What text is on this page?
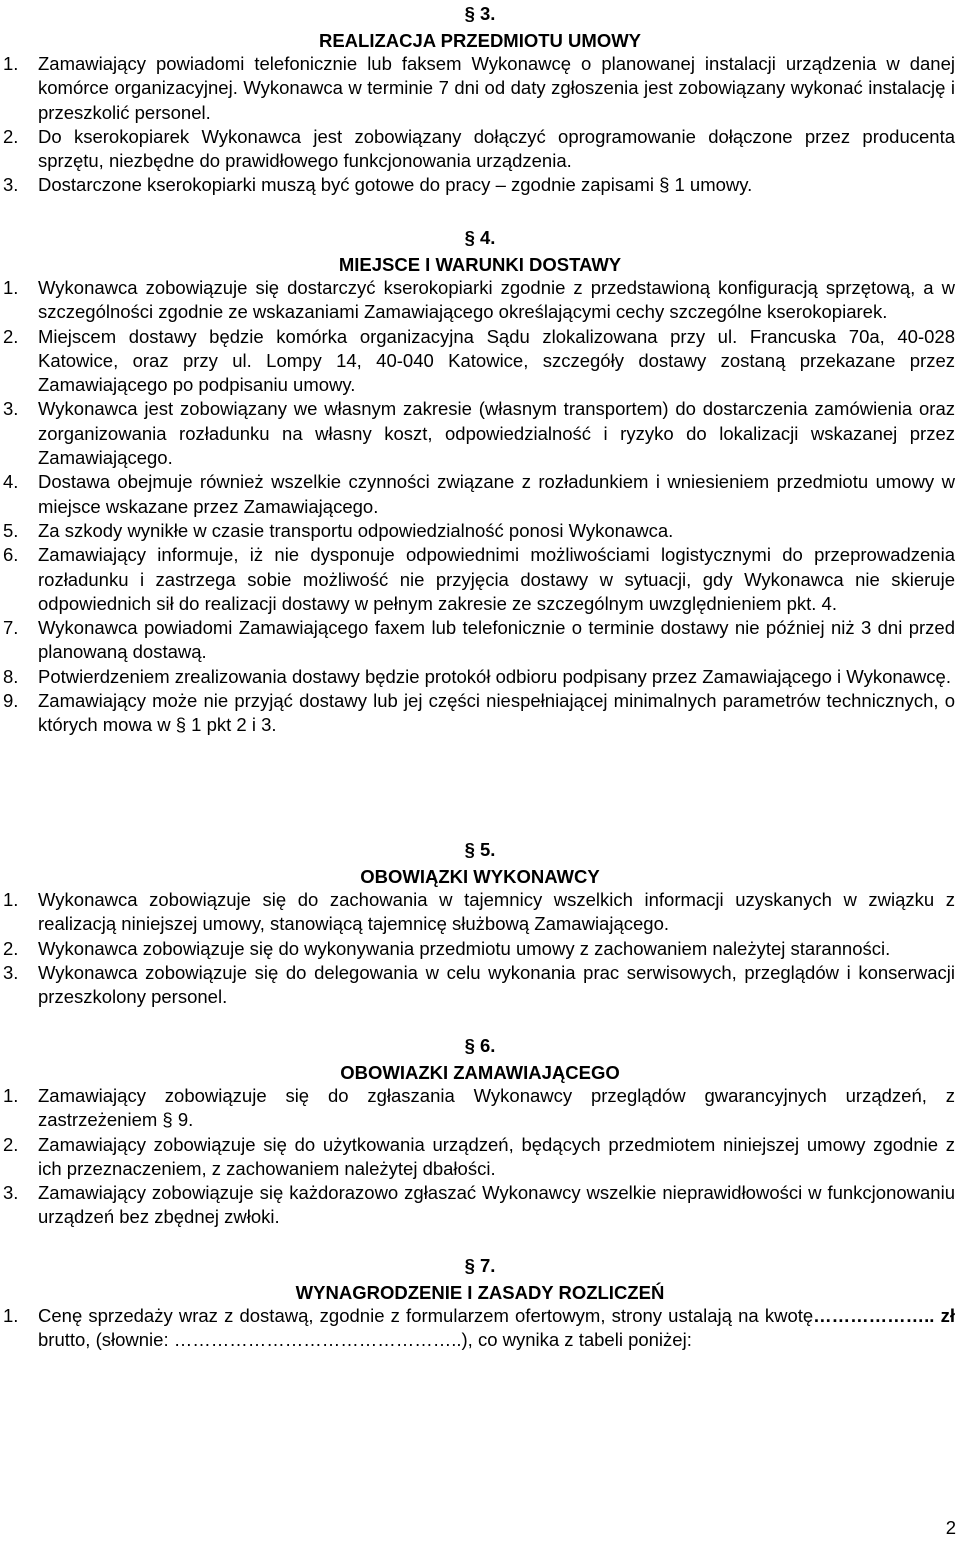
§ 3.

REALIZACJA PRZEDMIOTU UMOWY

1. Zamawiający powiadomi telefonicznie lub faksem Wykonawcę o planowanej instalacji urządzenia w danej komórce organizacyjnej. Wykonawca w terminie 7 dni od daty zgłoszenia jest zobowiązany wykonać instalację i przeszkolić personel.
2. Do kserokopiarek Wykonawca jest zobowiązany dołączyć oprogramowanie dołączone przez producenta sprzętu, niezbędne do prawidłowego funkcjonowania urządzenia.
3. Dostarczone kserokopiarki muszą być gotowe do pracy – zgodnie zapisami § 1 umowy.

§ 4.

MIEJSCE I WARUNKI DOSTAWY

1. Wykonawca zobowiązuje się dostarczyć kserokopiarki zgodnie z przedstawioną konfiguracją sprzętową, a w szczególności zgodnie ze wskazaniami Zamawiającego określającymi cechy szczególne kserokopiarek.
2. Miejscem dostawy będzie komórka organizacyjna Sądu zlokalizowana przy ul. Francuska 70a, 40-028 Katowice, oraz przy ul. Lompy 14, 40-040 Katowice, szczegóły dostawy zostaną przekazane przez Zamawiającego po podpisaniu umowy.
3. Wykonawca jest zobowiązany we własnym zakresie (własnym transportem) do dostarczenia zamówienia oraz zorganizowania rozładunku na własny koszt, odpowiedzialność i ryzyko do lokalizacji wskazanej przez Zamawiającego.
4. Dostawa obejmuje również wszelkie czynności związane z rozładunkiem i wniesieniem przedmiotu umowy w miejsce wskazane przez Zamawiającego.
5. Za szkody wynikłe w czasie transportu odpowiedzialność ponosi Wykonawca.
6. Zamawiający informuje, iż nie dysponuje odpowiednimi możliwościami logistycznymi do przeprowadzenia rozładunku i zastrzega sobie możliwość nie przyjęcia dostawy w sytuacji, gdy Wykonawca nie skieruje odpowiednich sił do realizacji dostawy w pełnym zakresie ze szczególnym uwzględnieniem pkt. 4.
7. Wykonawca powiadomi Zamawiającego faxem lub telefonicznie o terminie dostawy nie później niż 3 dni przed planowaną dostawą.
8. Potwierdzeniem zrealizowania dostawy będzie protokół odbioru podpisany przez Zamawiającego i Wykonawcę.
9. Zamawiający może nie przyjąć dostawy lub jej części niespełniającej minimalnych parametrów technicznych, o których mowa w § 1 pkt 2 i 3.

§ 5.

OBOWIĄZKI WYKONAWCY

1. Wykonawca zobowiązuje się do zachowania w tajemnicy wszelkich informacji uzyskanych w związku z realizacją niniejszej umowy, stanowiącą tajemnicę służbową Zamawiającego.
2. Wykonawca zobowiązuje się do wykonywania przedmiotu umowy z zachowaniem należytej staranności.
3. Wykonawca zobowiązuje się do delegowania w celu wykonania prac serwisowych, przeglądów i konserwacji przeszkolony personel.

§ 6.

OBOWIAZKI ZAMAWIAJĄCEGO

1. Zamawiający zobowiązuje się do zgłaszania Wykonawcy przeglądów gwarancyjnych urządzeń, z zastrzeżeniem § 9.
2. Zamawiający zobowiązuje się do użytkowania urządzeń, będących przedmiotem niniejszej umowy zgodnie z ich przeznaczeniem, z zachowaniem należytej dbałości.
3. Zamawiający zobowiązuje się każdorazowo zgłaszać Wykonawcy wszelkie nieprawidłowości w funkcjonowaniu urządzeń bez zbędnej zwłoki.

§ 7.

WYNAGRODZENIE I ZASADY ROZLICZEŃ

1. Cenę sprzedaży wraz z dostawą, zgodnie z formularzem ofertowym, strony ustalają na kwotę……………….. zł brutto, (słownie: ………………………………………..), co wynika z tabeli poniżej:
2
